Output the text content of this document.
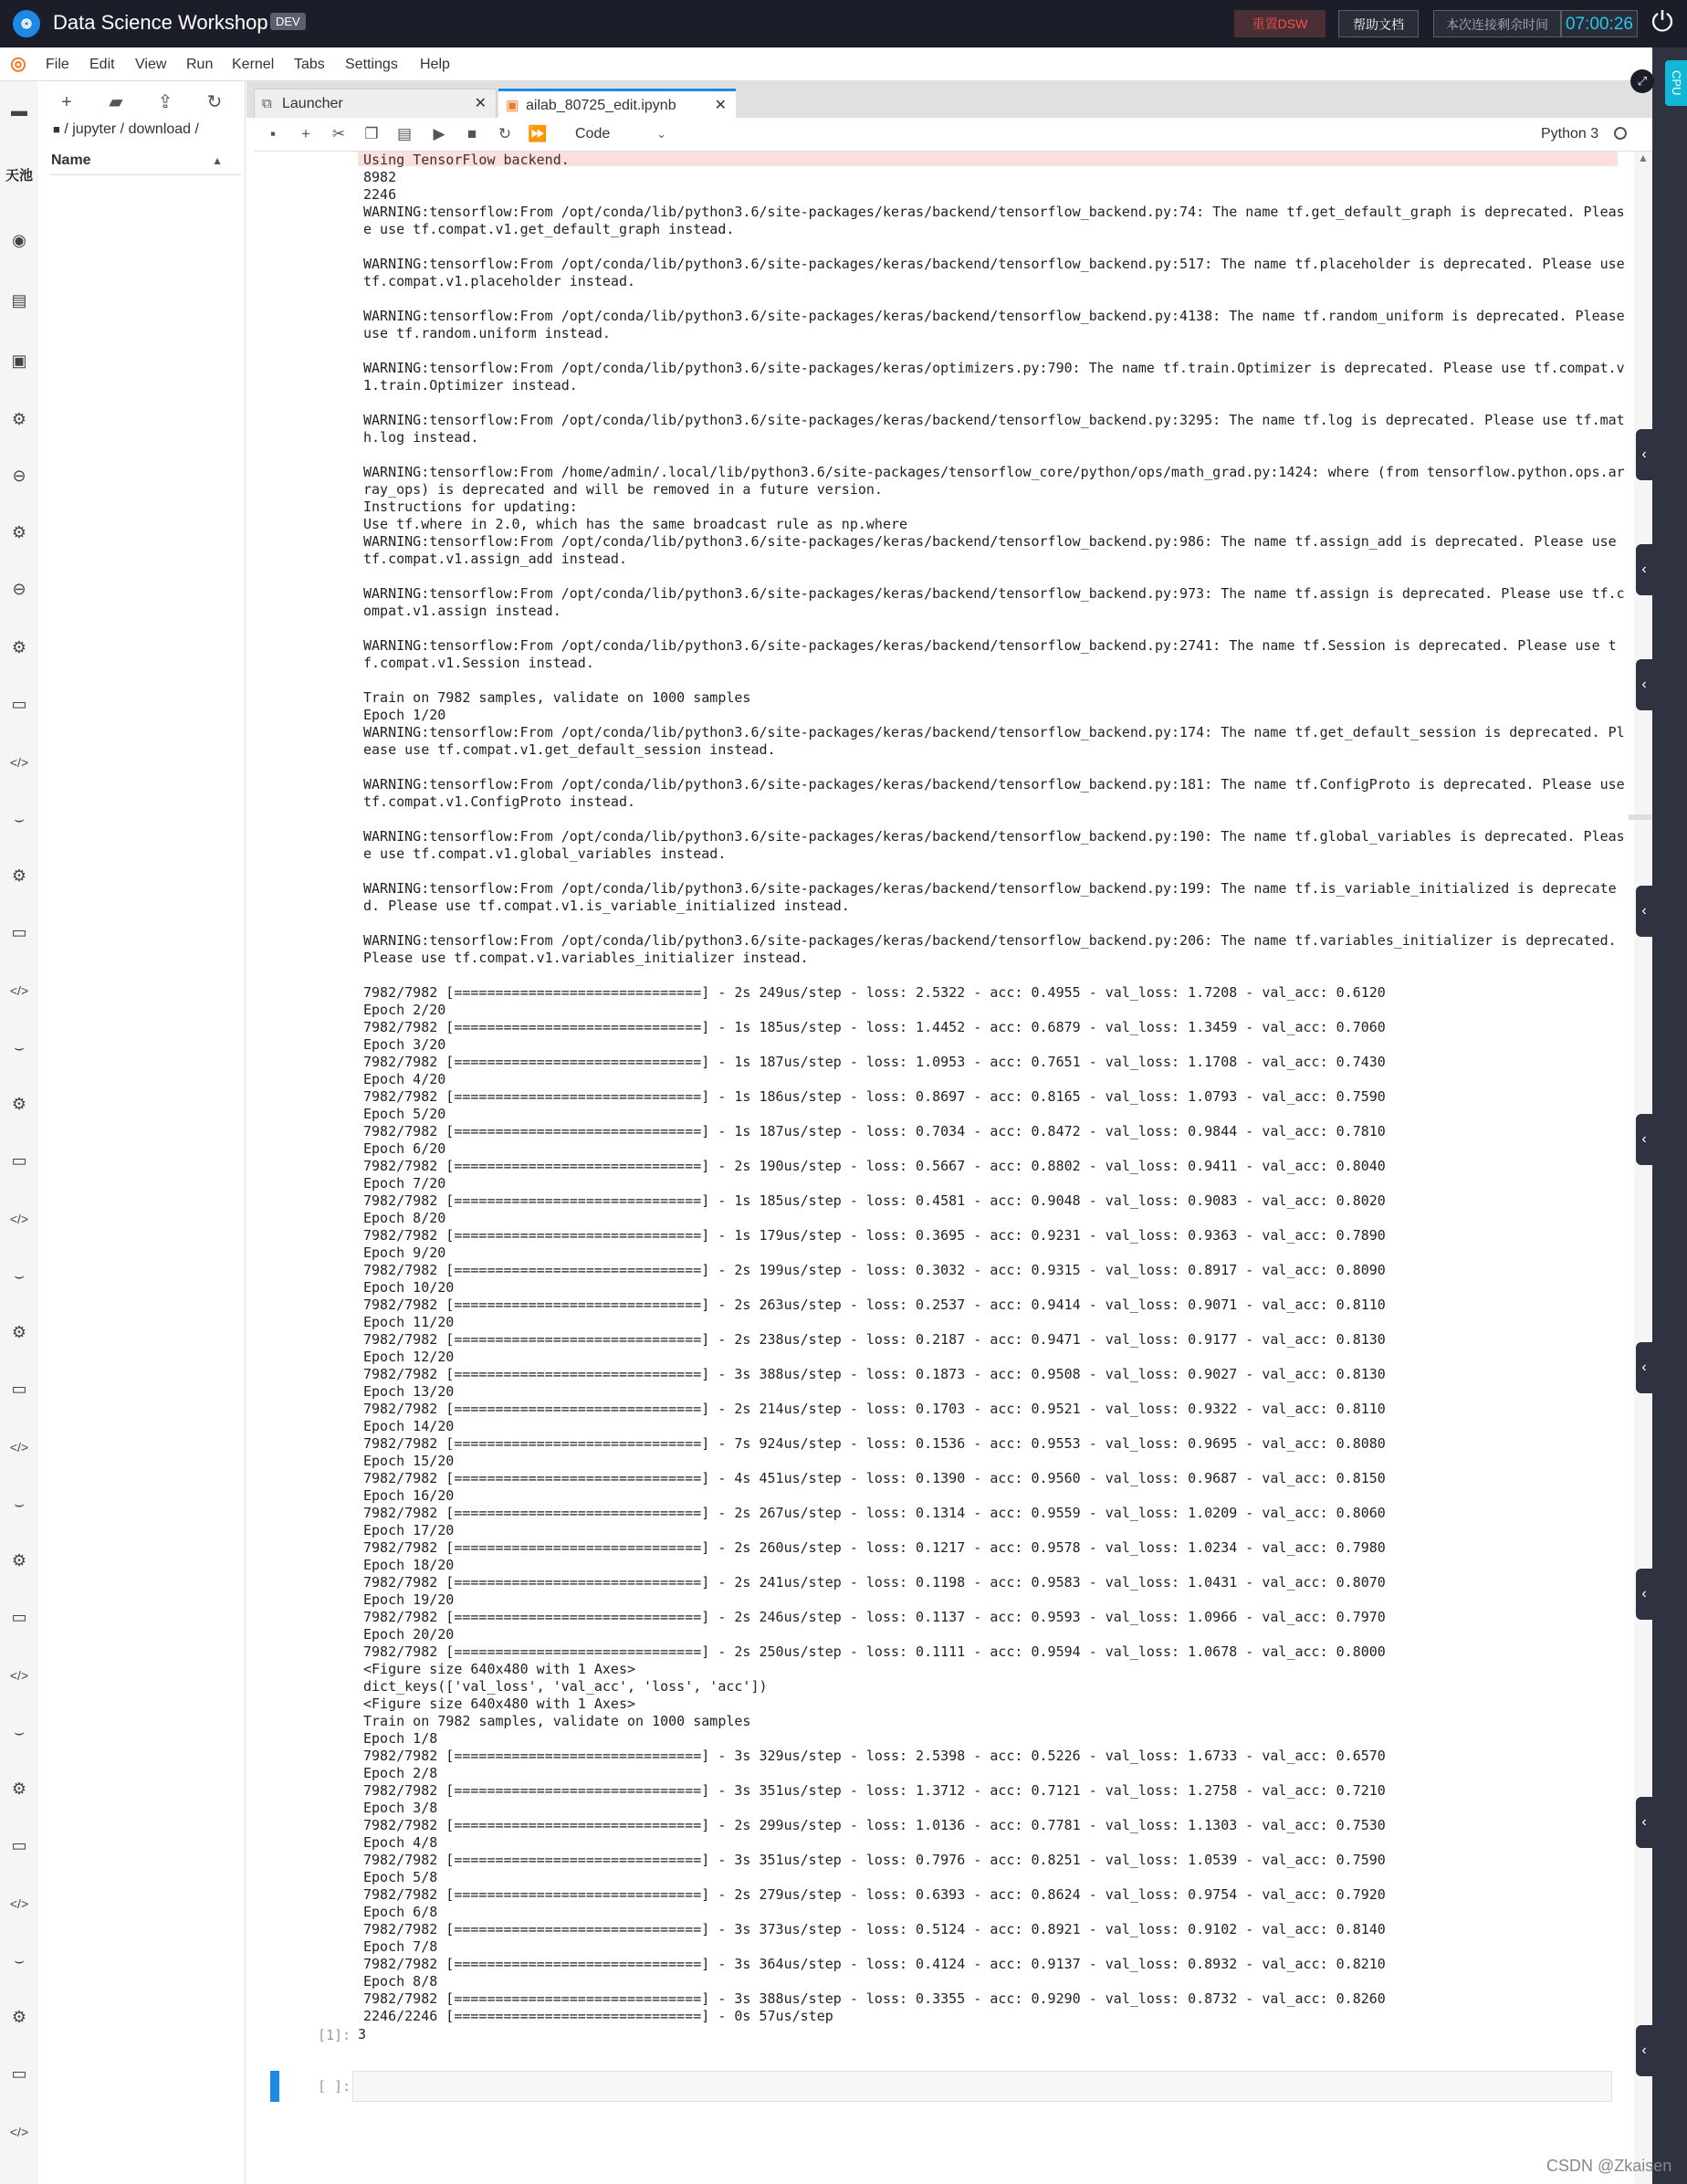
❂	Data Science Workshop DEV	重置DSW	帮助文档	本次连接剩余时间	07:00:26 ⏻
◎ File Edit View Run Kernel Tabs Settings Help
▬
天池
◉
▤
▣
⚙
⊖
⚙
⊖
⚙
▭
</>
⌣
⚙
▭
</>
⌣
⚙
▭
</>
⌣
⚙
▭
</>
⌣
⚙
▭
</>
⌣
⚙
▭
</>
⌣
⚙
▭
</>
+	▰ ⇪ ↻
■ / jupyter / download /
Name	▲
⧉ Launcher	✕ ▣ ailab_80725_edit.ipynb	✕
▪	+	✂	❐	▤	▶	■	↻	⏩ Code	⌄	Python 3
Using TensorFlow backend.
8982
2246
WARNING:tensorflow:From /opt/conda/lib/python3.6/site-packages/keras/backend/tensorflow_backend.py:74: The name tf.get_default_graph is deprecated. Pleas
e use tf.compat.v1.get_default_graph instead.
WARNING:tensorflow:From /opt/conda/lib/python3.6/site-packages/keras/backend/tensorflow_backend.py:517: The name tf.placeholder is deprecated. Please use
tf.compat.v1.placeholder instead.
WARNING:tensorflow:From /opt/conda/lib/python3.6/site-packages/keras/backend/tensorflow_backend.py:4138: The name tf.random_uniform is deprecated. Please
use tf.random.uniform instead.
WARNING:tensorflow:From /opt/conda/lib/python3.6/site-packages/keras/optimizers.py:790: The name tf.train.Optimizer is deprecated. Please use tf.compat.v
1.train.Optimizer instead.
WARNING:tensorflow:From /opt/conda/lib/python3.6/site-packages/keras/backend/tensorflow_backend.py:3295: The name tf.log is deprecated. Please use tf.mat
h.log instead.
WARNING:tensorflow:From /home/admin/.local/lib/python3.6/site-packages/tensorflow_core/python/ops/math_grad.py:1424: where (from tensorflow.python.ops.ar
ray_ops) is deprecated and will be removed in a future version.
Instructions for updating:
Use tf.where in 2.0, which has the same broadcast rule as np.where
WARNING:tensorflow:From /opt/conda/lib/python3.6/site-packages/keras/backend/tensorflow_backend.py:986: The name tf.assign_add is deprecated. Please use
tf.compat.v1.assign_add instead.
WARNING:tensorflow:From /opt/conda/lib/python3.6/site-packages/keras/backend/tensorflow_backend.py:973: The name tf.assign is deprecated. Please use tf.c
ompat.v1.assign instead.
WARNING:tensorflow:From /opt/conda/lib/python3.6/site-packages/keras/backend/tensorflow_backend.py:2741: The name tf.Session is deprecated. Please use t
f.compat.v1.Session instead.
Train on 7982 samples, validate on 1000 samples
Epoch 1/20
WARNING:tensorflow:From /opt/conda/lib/python3.6/site-packages/keras/backend/tensorflow_backend.py:174: The name tf.get_default_session is deprecated. Pl
ease use tf.compat.v1.get_default_session instead.
WARNING:tensorflow:From /opt/conda/lib/python3.6/site-packages/keras/backend/tensorflow_backend.py:181: The name tf.ConfigProto is deprecated. Please use
tf.compat.v1.ConfigProto instead.
WARNING:tensorflow:From /opt/conda/lib/python3.6/site-packages/keras/backend/tensorflow_backend.py:190: The name tf.global_variables is deprecated. Pleas
e use tf.compat.v1.global_variables instead.
WARNING:tensorflow:From /opt/conda/lib/python3.6/site-packages/keras/backend/tensorflow_backend.py:199: The name tf.is_variable_initialized is deprecate
d. Please use tf.compat.v1.is_variable_initialized instead.
WARNING:tensorflow:From /opt/conda/lib/python3.6/site-packages/keras/backend/tensorflow_backend.py:206: The name tf.variables_initializer is deprecated.
Please use tf.compat.v1.variables_initializer instead.
7982/7982 [==============================] - 2s 249us/step - loss: 2.5322 - acc: 0.4955 - val_loss: 1.7208 - val_acc: 0.6120
Epoch 2/20
7982/7982 [==============================] - 1s 185us/step - loss: 1.4452 - acc: 0.6879 - val_loss: 1.3459 - val_acc: 0.7060
Epoch 3/20
7982/7982 [==============================] - 1s 187us/step - loss: 1.0953 - acc: 0.7651 - val_loss: 1.1708 - val_acc: 0.7430
Epoch 4/20
7982/7982 [==============================] - 1s 186us/step - loss: 0.8697 - acc: 0.8165 - val_loss: 1.0793 - val_acc: 0.7590
Epoch 5/20
7982/7982 [==============================] - 1s 187us/step - loss: 0.7034 - acc: 0.8472 - val_loss: 0.9844 - val_acc: 0.7810
Epoch 6/20
7982/7982 [==============================] - 2s 190us/step - loss: 0.5667 - acc: 0.8802 - val_loss: 0.9411 - val_acc: 0.8040
Epoch 7/20
7982/7982 [==============================] - 1s 185us/step - loss: 0.4581 - acc: 0.9048 - val_loss: 0.9083 - val_acc: 0.8020
Epoch 8/20
7982/7982 [==============================] - 1s 179us/step - loss: 0.3695 - acc: 0.9231 - val_loss: 0.9363 - val_acc: 0.7890
Epoch 9/20
7982/7982 [==============================] - 2s 199us/step - loss: 0.3032 - acc: 0.9315 - val_loss: 0.8917 - val_acc: 0.8090
Epoch 10/20
7982/7982 [==============================] - 2s 263us/step - loss: 0.2537 - acc: 0.9414 - val_loss: 0.9071 - val_acc: 0.8110
Epoch 11/20
7982/7982 [==============================] - 2s 238us/step - loss: 0.2187 - acc: 0.9471 - val_loss: 0.9177 - val_acc: 0.8130
Epoch 12/20
7982/7982 [==============================] - 3s 388us/step - loss: 0.1873 - acc: 0.9508 - val_loss: 0.9027 - val_acc: 0.8130
Epoch 13/20
7982/7982 [==============================] - 2s 214us/step - loss: 0.1703 - acc: 0.9521 - val_loss: 0.9322 - val_acc: 0.8110
Epoch 14/20
7982/7982 [==============================] - 7s 924us/step - loss: 0.1536 - acc: 0.9553 - val_loss: 0.9695 - val_acc: 0.8080
Epoch 15/20
7982/7982 [==============================] - 4s 451us/step - loss: 0.1390 - acc: 0.9560 - val_loss: 0.9687 - val_acc: 0.8150
Epoch 16/20
7982/7982 [==============================] - 2s 267us/step - loss: 0.1314 - acc: 0.9559 - val_loss: 1.0209 - val_acc: 0.8060
Epoch 17/20
7982/7982 [==============================] - 2s 260us/step - loss: 0.1217 - acc: 0.9578 - val_loss: 1.0234 - val_acc: 0.7980
Epoch 18/20
7982/7982 [==============================] - 2s 241us/step - loss: 0.1198 - acc: 0.9583 - val_loss: 1.0431 - val_acc: 0.8070
Epoch 19/20
7982/7982 [==============================] - 2s 246us/step - loss: 0.1137 - acc: 0.9593 - val_loss: 1.0966 - val_acc: 0.7970
Epoch 20/20
7982/7982 [==============================] - 2s 250us/step - loss: 0.1111 - acc: 0.9594 - val_loss: 1.0678 - val_acc: 0.8000
<Figure size 640x480 with 1 Axes>
dict_keys(['val_loss', 'val_acc', 'loss', 'acc'])
<Figure size 640x480 with 1 Axes>
Train on 7982 samples, validate on 1000 samples
Epoch 1/8
7982/7982 [==============================] - 3s 329us/step - loss: 2.5398 - acc: 0.5226 - val_loss: 1.6733 - val_acc: 0.6570
Epoch 2/8
7982/7982 [==============================] - 3s 351us/step - loss: 1.3712 - acc: 0.7121 - val_loss: 1.2758 - val_acc: 0.7210
Epoch 3/8
7982/7982 [==============================] - 2s 299us/step - loss: 1.0136 - acc: 0.7781 - val_loss: 1.1303 - val_acc: 0.7530
Epoch 4/8
7982/7982 [==============================] - 3s 351us/step - loss: 0.7976 - acc: 0.8251 - val_loss: 1.0539 - val_acc: 0.7590
Epoch 5/8
7982/7982 [==============================] - 2s 279us/step - loss: 0.6393 - acc: 0.8624 - val_loss: 0.9754 - val_acc: 0.7920
Epoch 6/8
7982/7982 [==============================] - 3s 373us/step - loss: 0.5124 - acc: 0.8921 - val_loss: 0.9102 - val_acc: 0.8140
Epoch 7/8
7982/7982 [==============================] - 3s 364us/step - loss: 0.4124 - acc: 0.9137 - val_loss: 0.8932 - val_acc: 0.8210
Epoch 8/8
7982/7982 [==============================] - 3s 388us/step - loss: 0.3355 - acc: 0.9290 - val_loss: 0.8732 - val_acc: 0.8260
2246/2246 [==============================] - 0s 57us/step
[1]: 3
[ ]:
▲
CPU
⤢
‹
‹
‹
‹
‹
‹
‹
‹
‹
CSDN @Zkaisen
